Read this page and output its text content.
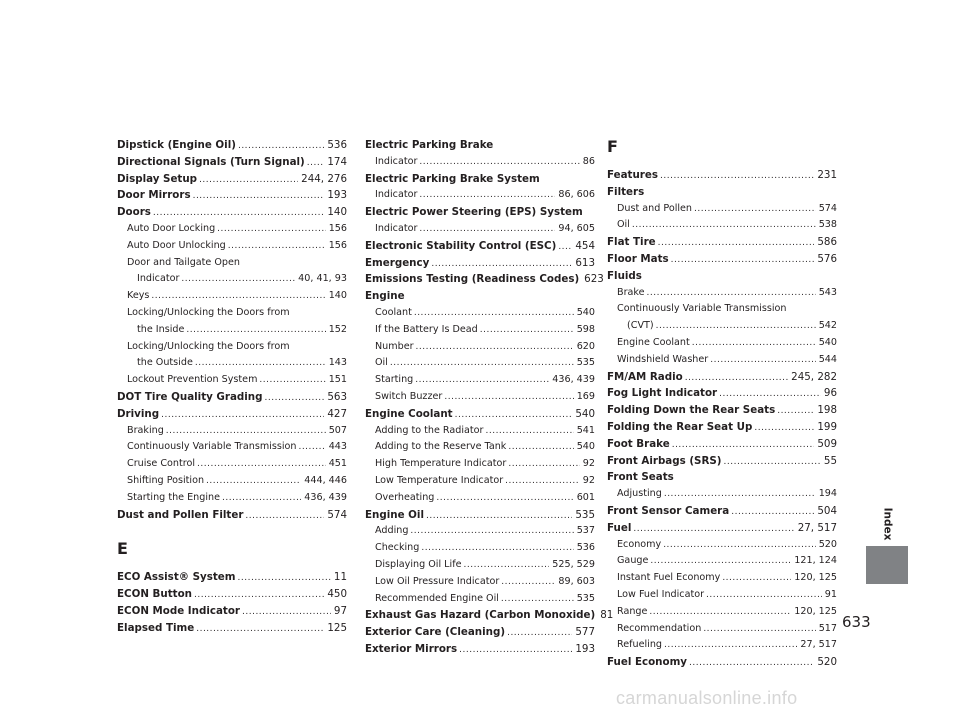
Dipstick (Engine Oil) .....	536
Directional Signals (Turn Signal) ..... 174
Display Setup .....	244, 276
Door Mirrors .....	193
Doors .....	140
Auto Door Locking .....	156
Auto Door Unlocking .....	156
Door and Tailgate Open
Indicator .....	40, 41, 93
Keys .....	140
Locking/Unlocking the Doors from
the Inside .....	152
Locking/Unlocking the Doors from
the Outside .....	143
Lockout Prevention System .....	151
DOT Tire Quality Grading .....	563
Driving .....	427
Braking .....	507
Continuously Variable Transmission .....	443
Cruise Control .....	451
Shifting Position .....	444, 446
Starting the Engine .....	436, 439
Dust and Pollen Filter .....	574
E
ECO Assist® System .....	11
ECON Button .....	450
ECON Mode Indicator .....	97
Elapsed Time .....	125
Electric Parking Brake
Indicator .....	86
Electric Parking Brake System
Indicator .....	86, 606
Electric Power Steering (EPS) System
Indicator .....	94, 605
Electronic Stability Control (ESC) ..... 454
Emergency .....	613
Emissions Testing (Readiness Codes) 623
Engine
Coolant .....	540
If the Battery Is Dead .....	598
Number .....	620
Oil .....	535
Starting .....	436, 439
Switch Buzzer .....	169
Engine Coolant .....	540
Adding to the Radiator .....	541
Adding to the Reserve Tank .....	540
High Temperature Indicator .....	92
Low Temperature Indicator .....	92
Overheating .....	601
Engine Oil .....	535
Adding .....	537
Checking .....	536
Displaying Oil Life .....	525, 529
Low Oil Pressure Indicator .....	89, 603
Recommended Engine Oil .....	535
Exhaust Gas Hazard (Carbon Monoxide) 81
Exterior Care (Cleaning) .....	577
Exterior Mirrors .....	193
F
Features .....	231
Filters
Dust and Pollen .....	574
Oil .....	538
Flat Tire .....	586
Floor Mats .....	576
Fluids
Brake .....	543
Continuously Variable Transmission
(CVT) .....	542
Engine Coolant .....	540
Windshield Washer .....	544
FM/AM Radio .....	245, 282
Fog Light Indicator .....	96
Folding Down the Rear Seats .....	198
Folding the Rear Seat Up .....	199
Foot Brake .....	509
Front Airbags (SRS) .....	55
Front Seats
Adjusting .....	194
Front Sensor Camera .....	504
Fuel .....	27, 517
Economy .....	520
Gauge .....	121, 124
Instant Fuel Economy .....	120, 125
Low Fuel Indicator .....	91
Range .....	120, 125
Recommendation .....	517
Refueling .....	27, 517
Fuel Economy .....	520
Index
633
carmanualsonline.info
